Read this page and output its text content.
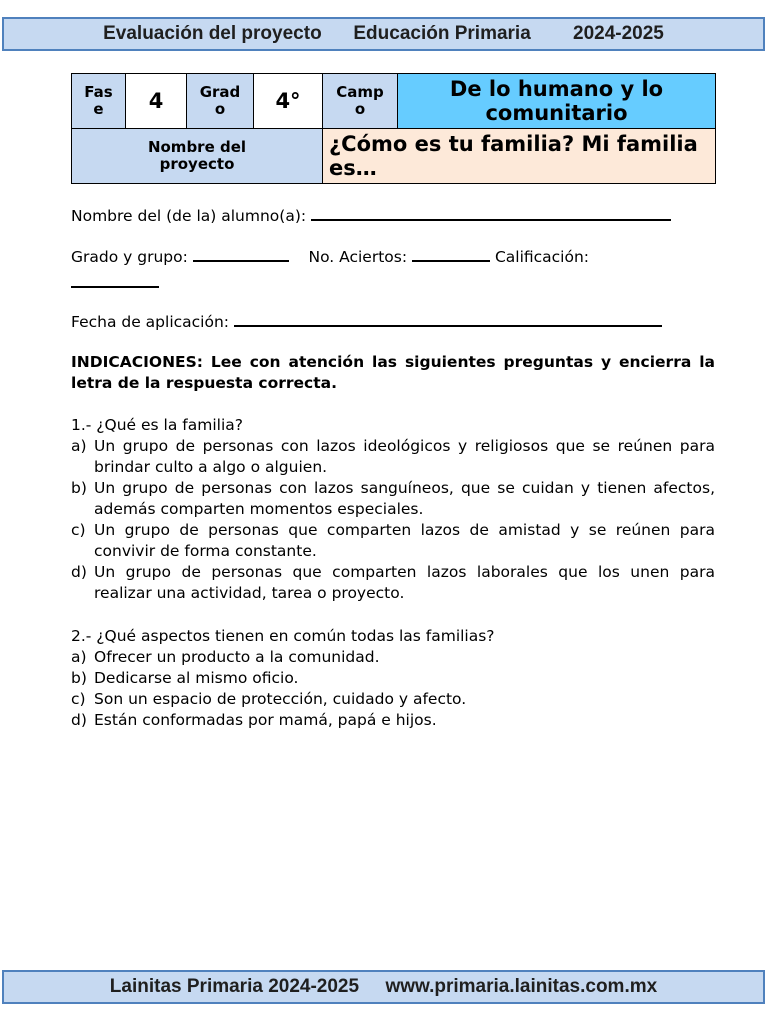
Evaluación del proyecto
Educación Primaria
2024-2025
Fas e	4	Grad o	4°	Camp o	De lo humano y lo comunitario
Nombre del proyecto				¿Cómo es tu familia? Mi familia es…	
Nombre del (de la) alumno(a):
Grado y grupo:	No. Aciertos:	Calificación:

Fecha de aplicación:
INDICACIONES: Lee con atención las siguientes preguntas y encierra la letra de la respuesta correcta.

1.- ¿Qué es la familia?

a) Un grupo de personas con lazos ideológicos y religiosos que se reúnen para brindar culto a algo o alguien.
b) Un grupo de personas con lazos sanguíneos, que se cuidan y tienen afectos, además comparten momentos especiales.
c) Un grupo de personas que comparten lazos de amistad y se reúnen para convivir de forma constante.
d) Un grupo de personas que comparten lazos laborales que los unen para realizar una actividad, tarea o proyecto.

2.- ¿Qué aspectos tienen en común todas las familias?

a) Ofrecer un producto a la comunidad.
b) Dedicarse al mismo oficio.
c) Son un espacio de protección, cuidado y afecto.
d) Están conformadas por mamá, papá e hijos.
Lainitas Primaria 2024-2025
www.primaria.lainitas.com.mx
